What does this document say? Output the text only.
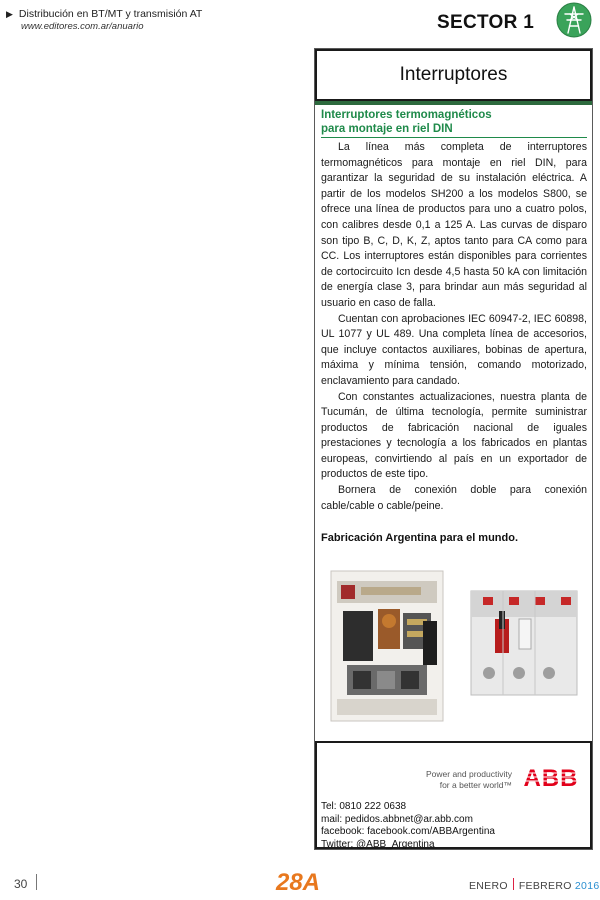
▶ Distribución en BT/MT y transmisión AT
www.editores.com.ar/anuario	SECTOR 1
Interruptores
Interruptores termomagnéticos
para montaje en riel DIN

La línea más completa de interruptores termomagnéticos para montaje en riel DIN, para garantizar la seguridad de su instalación eléctrica. A partir de los modelos SH200 a los modelos S800, se ofrece una línea de productos para uno a cuatro polos, con calibres desde 0,1 a 125 A. Las curvas de disparo son tipo B, C, D, K, Z, aptos tanto para CA como para CC. Los interruptores están disponibles para corrientes de cortocircuito Icn desde 4,5 hasta 50 kA con limitación de energía clase 3, para brindar aun más seguridad al usuario en caso de falla.

Cuentan con aprobaciones IEC 60947-2, IEC 60898, UL 1077 y UL 489. Una completa línea de accesorios, que incluye contactos auxiliares, bobinas de apertura, máxima y mínima tensión, comando motorizado, enclavamiento para candado.

Con constantes actualizaciones, nuestra planta de Tucumán, de última tecnología, permite suministrar productos de fabricación nacional de iguales prestaciones y tecnología a los fabricados en plantas europeas, convirtiendo al país en un exportador de productos de este tipo.

Bornera de conexión doble para conexión cable/cable o cable/peine.

Fabricación Argentina para el mundo.
Power and productivity
for a better world™ ABB
Tel: 0810 222 0638
mail: pedidos.abbnet@ar.abb.com
facebook: facebook.com/ABBArgentina
Twitter: @ABB_Argentina
30	28A	ENERO FEBRERO 2016
